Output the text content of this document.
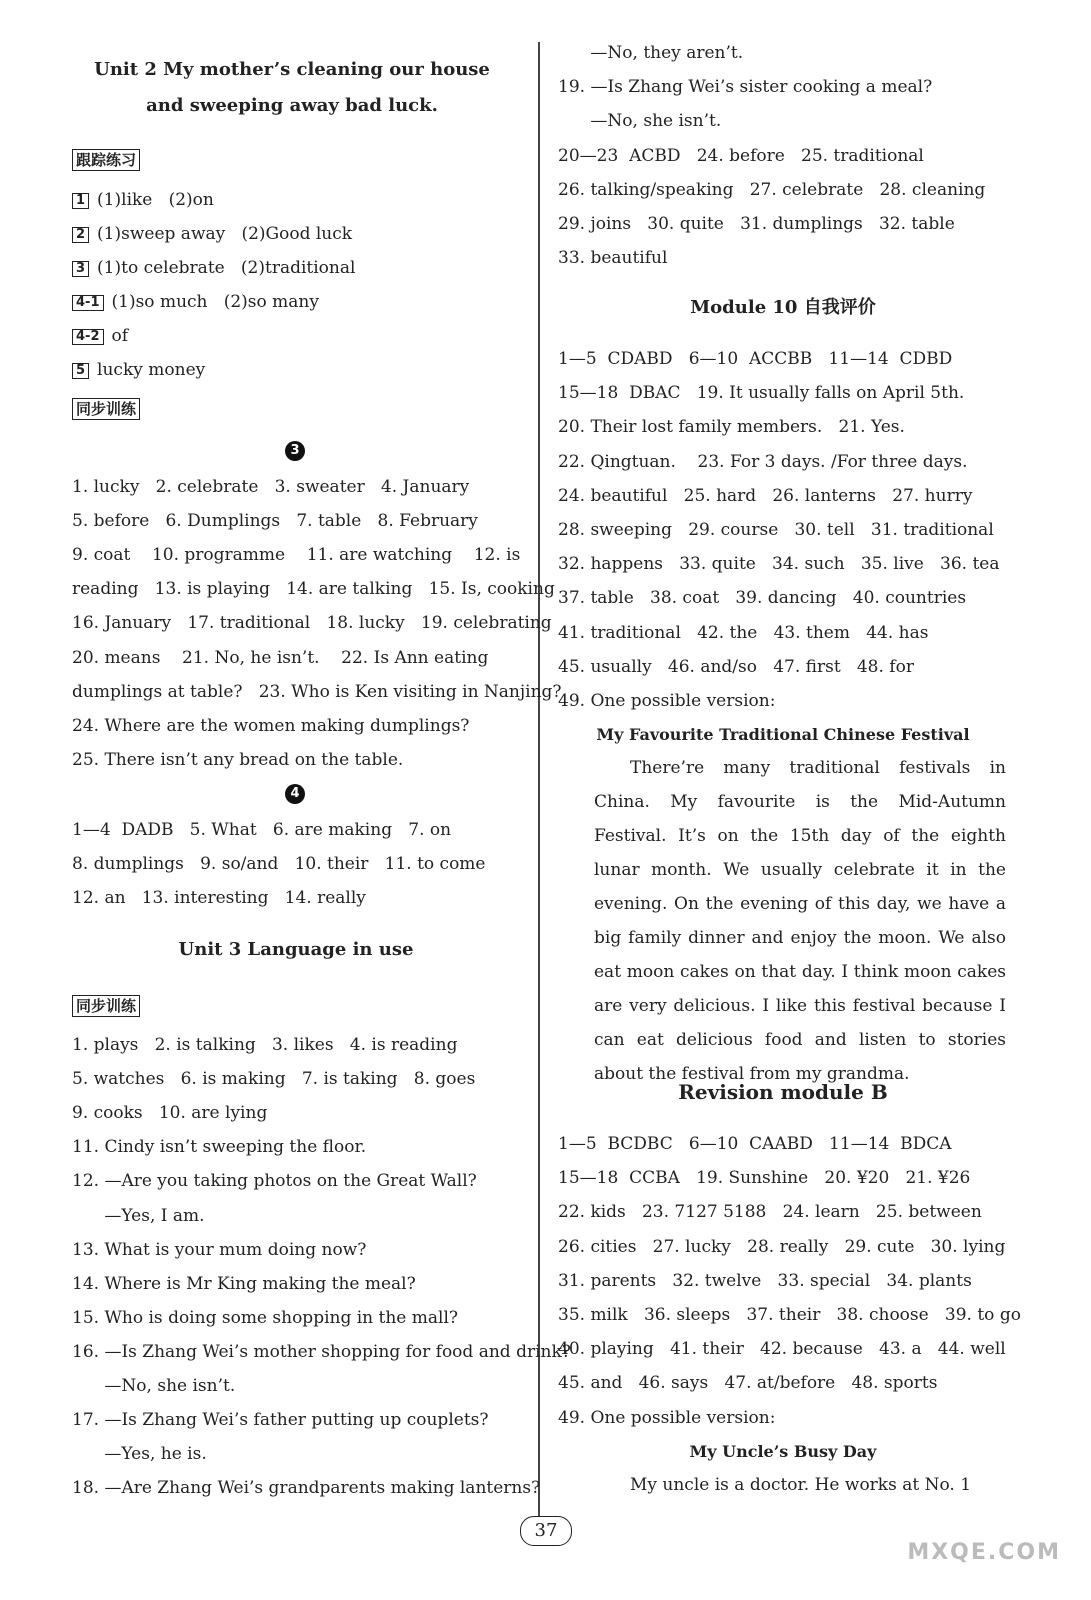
Unit 2 My mother’s cleaning our house
and sweeping away bad luck.
跟踪练习
1 (1)like   (2)on
2 (1)sweep away   (2)Good luck
3 (1)to celebrate   (2)traditional
4-1 (1)so much   (2)so many
4-2 of
5 lucky money
同步训练
3
1. lucky   2. celebrate   3. sweater   4. January
5. before   6. Dumplings   7. table   8. February
9. coat    10. programme    11. are watching    12. is
reading   13. is playing   14. are talking   15. Is, cooking
16. January   17. traditional   18. lucky   19. celebrating
20. means    21. No, he isn’t.    22. Is Ann eating
dumplings at table?   23. Who is Ken visiting in Nanjing?
24. Where are the women making dumplings?
25. There isn’t any bread on the table.
4
1—4  DADB   5. What   6. are making   7. on
8. dumplings   9. so/and   10. their   11. to come
12. an   13. interesting   14. really
Unit 3 Language in use
同步训练
1. plays   2. is talking   3. likes   4. is reading
5. watches   6. is making   7. is taking   8. goes
9. cooks   10. are lying
11. Cindy isn’t sweeping the floor.
12. —Are you taking photos on the Great Wall?
—Yes, I am.
13. What is your mum doing now?
14. Where is Mr King making the meal?
15. Who is doing some shopping in the mall?
16. —Is Zhang Wei’s mother shopping for food and drink?
—No, she isn’t.
17. —Is Zhang Wei’s father putting up couplets?
—Yes, he is.
18. —Are Zhang Wei’s grandparents making lanterns?
—No, they aren’t.
19. —Is Zhang Wei’s sister cooking a meal?
—No, she isn’t.
20—23  ACBD   24. before   25. traditional
26. talking/speaking   27. celebrate   28. cleaning
29. joins   30. quite   31. dumplings   32. table
33. beautiful
Module 10 自我评价
1—5  CDABD   6—10  ACCBB   11—14  CDBD
15—18  DBAC   19. It usually falls on April 5th.
20. Their lost family members.   21. Yes.
22. Qingtuan.    23. For 3 days. /For three days.
24. beautiful   25. hard   26. lanterns   27. hurry
28. sweeping   29. course   30. tell   31. traditional
32. happens   33. quite   34. such   35. live   36. tea
37. table   38. coat   39. dancing   40. countries
41. traditional   42. the   43. them   44. has
45. usually   46. and/so   47. first   48. for
49. One possible version:
My Favourite Traditional Chinese Festival
There’re many traditional festivals in China. My favourite is the Mid-Autumn Festival. It’s on the 15th day of the eighth lunar month. We usually celebrate it in the evening. On the evening of this day, we have a big family dinner and enjoy the moon. We also eat moon cakes on that day. I think moon cakes are very delicious. I like this festival because I can eat delicious food and listen to stories about the festival from my grandma.
Revision module B
1—5  BCDBC   6—10  CAABD   11—14  BDCA
15—18  CCBA   19. Sunshine   20. ¥20   21. ¥26
22. kids   23. 7127 5188   24. learn   25. between
26. cities   27. lucky   28. really   29. cute   30. lying
31. parents   32. twelve   33. special   34. plants
35. milk   36. sleeps   37. their   38. choose   39. to go
40. playing   41. their   42. because   43. a   44. well
45. and   46. says   47. at/before   48. sports
49. One possible version:
My Uncle’s Busy Day
My uncle is a doctor. He works at No. 1
37
MXQE.COM
